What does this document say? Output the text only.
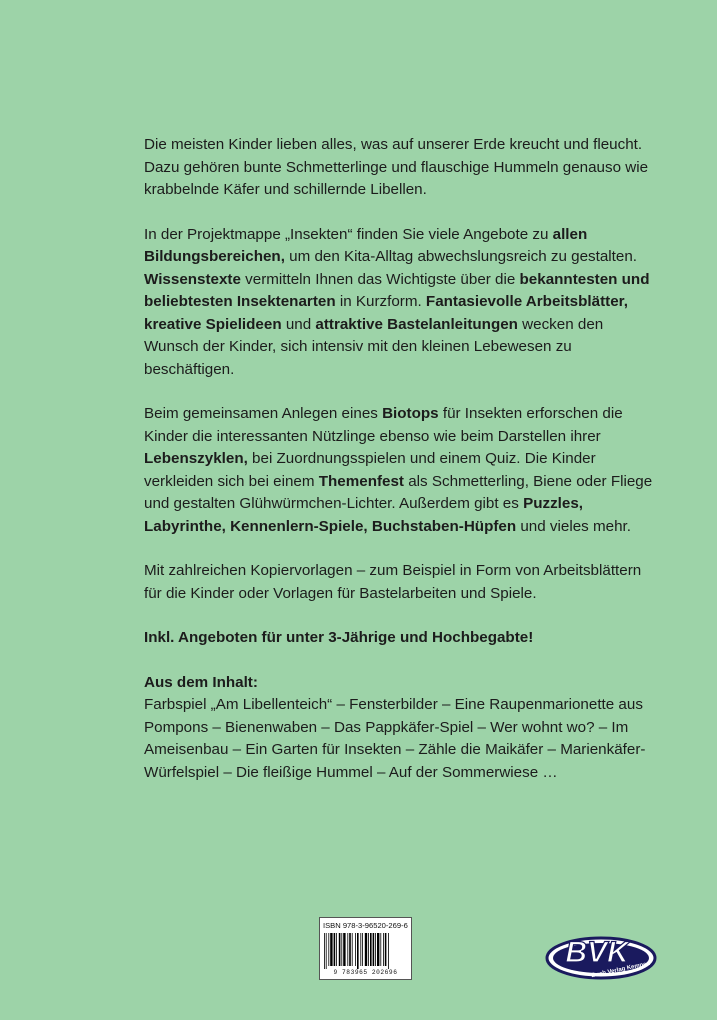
Die meisten Kinder lieben alles, was auf unserer Erde kreucht und fleucht. Dazu gehören bunte Schmetterlinge und flauschige Hummeln genauso wie krabbelnde Käfer und schillernde Libellen.

In der Projektmappe „Insekten“ finden Sie viele Angebote zu allen Bildungsbereichen, um den Kita-Alltag abwechslungsreich zu gestalten. Wissenstexte vermitteln Ihnen das Wichtigste über die bekanntesten und beliebtesten Insektenarten in Kurzform. Fantasievolle Arbeitsblätter, kreative Spielideen und attraktive Bastelanleitungen wecken den Wunsch der Kinder, sich intensiv mit den kleinen Lebewesen zu beschäftigen.

Beim gemeinsamen Anlegen eines Biotops für Insekten erforschen die Kinder die interessanten Nützlinge ebenso wie beim Darstellen ihrer Lebenszyklen, bei Zuordnungsspielen und einem Quiz. Die Kinder verkleiden sich bei einem Themenfest als Schmetterling, Biene oder Fliege und gestalten Glühwürmchen-Lichter. Außerdem gibt es Puzzles, Labyrinthe, Kennenlern-Spiele, Buchstaben-Hüpfen und vieles mehr.

Mit zahlreichen Kopiervorlagen – zum Beispiel in Form von Arbeitsblättern für die Kinder oder Vorlagen für Bastelarbeiten und Spiele.

Inkl. Angeboten für unter 3-Jährige und Hochbegabte!

Aus dem Inhalt:
Farbspiel „Am Libellenteich“ – Fensterbilder – Eine Raupenmarionette aus Pompons – Bienenwaben – Das Pappkäfer-Spiel – Wer wohnt wo? – Im Ameisenbau – Ein Garten für Insekten – Zähle die Maikäfer – Marienkäfer-Würfelspiel – Die fleißige Hummel – Auf der Sommerwiese …

ISBN 978-3-96520-269-6
9 783965 202696
BVK
Buch Verlag Kempen
